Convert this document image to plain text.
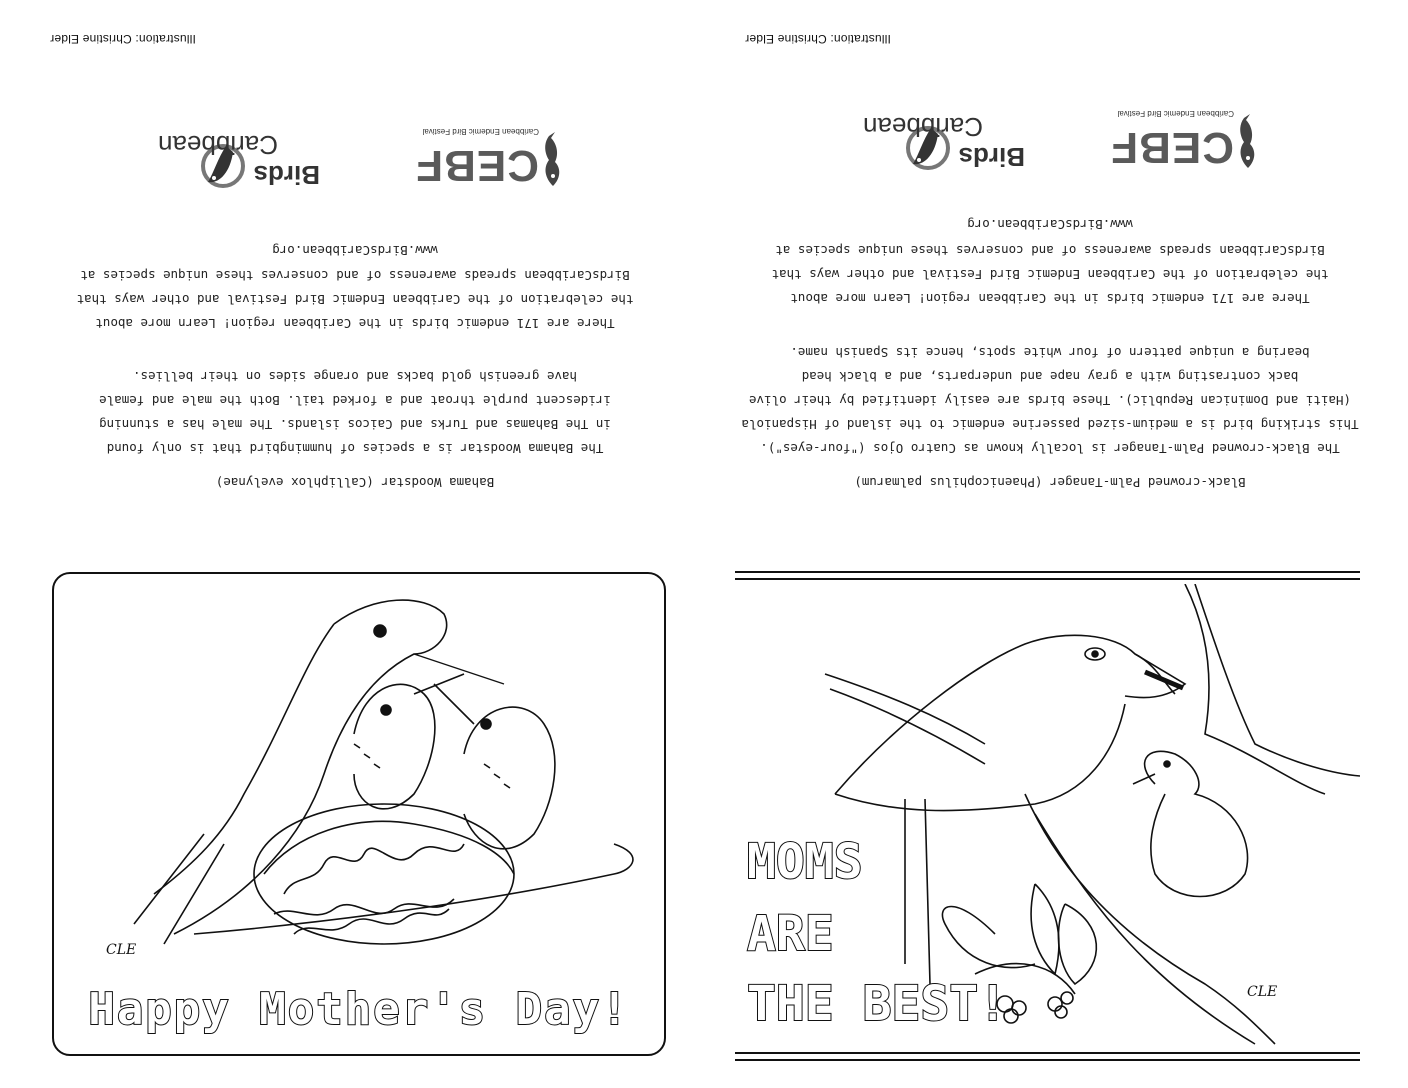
Bahama Woodstar (Calliphlox evelynae)
The Bahama Woodstar is a species of hummingbird that is only found
in The Bahamas and Turks and Caicos islands. The male has a stunning
iridescent purple throat and a forked tail. Both the male and female
have greenish gold backs and orange sides on their bellies.
There are 171 endemic birds in the Caribbean region! Learn more about
the celebration of the Caribbean Endemic Bird Festival and other ways that
BirdsCaribbean spreads awareness of and conserves these unique species at
www.BirdsCaribbean.org
CEBF
Caribbean Endemic Bird Festival
Birds
Caribbean
Illustration: Christine Elder
Black-crowned Palm-Tanager (Phaenicophilus palmarum)
The Black-crowned Palm-Tanager is locally known as Cuatro Ojos ("four-eyes").
This striking bird is a medium-sized passerine endemic to the island of Hispaniola
(Haiti and Dominican Republic). These birds are easily identified by their olive
back contrasting with a gray nape and underparts, and a black head
bearing a unique pattern of four white spots, hence its Spanish name.
There are 171 endemic birds in the Caribbean region! Learn more about
the celebration of the Caribbean Endemic Bird Festival and other ways that
BirdsCaribbean spreads awareness of and conserves these unique species at
www.BirdsCaribbean.org
CEBF
Caribbean Endemic Bird Festival
Birds
Caribbean
Illustration: Christine Elder
CLE
Happy Mother's Day!
MOMS
ARE
THE BEST!	CLE
